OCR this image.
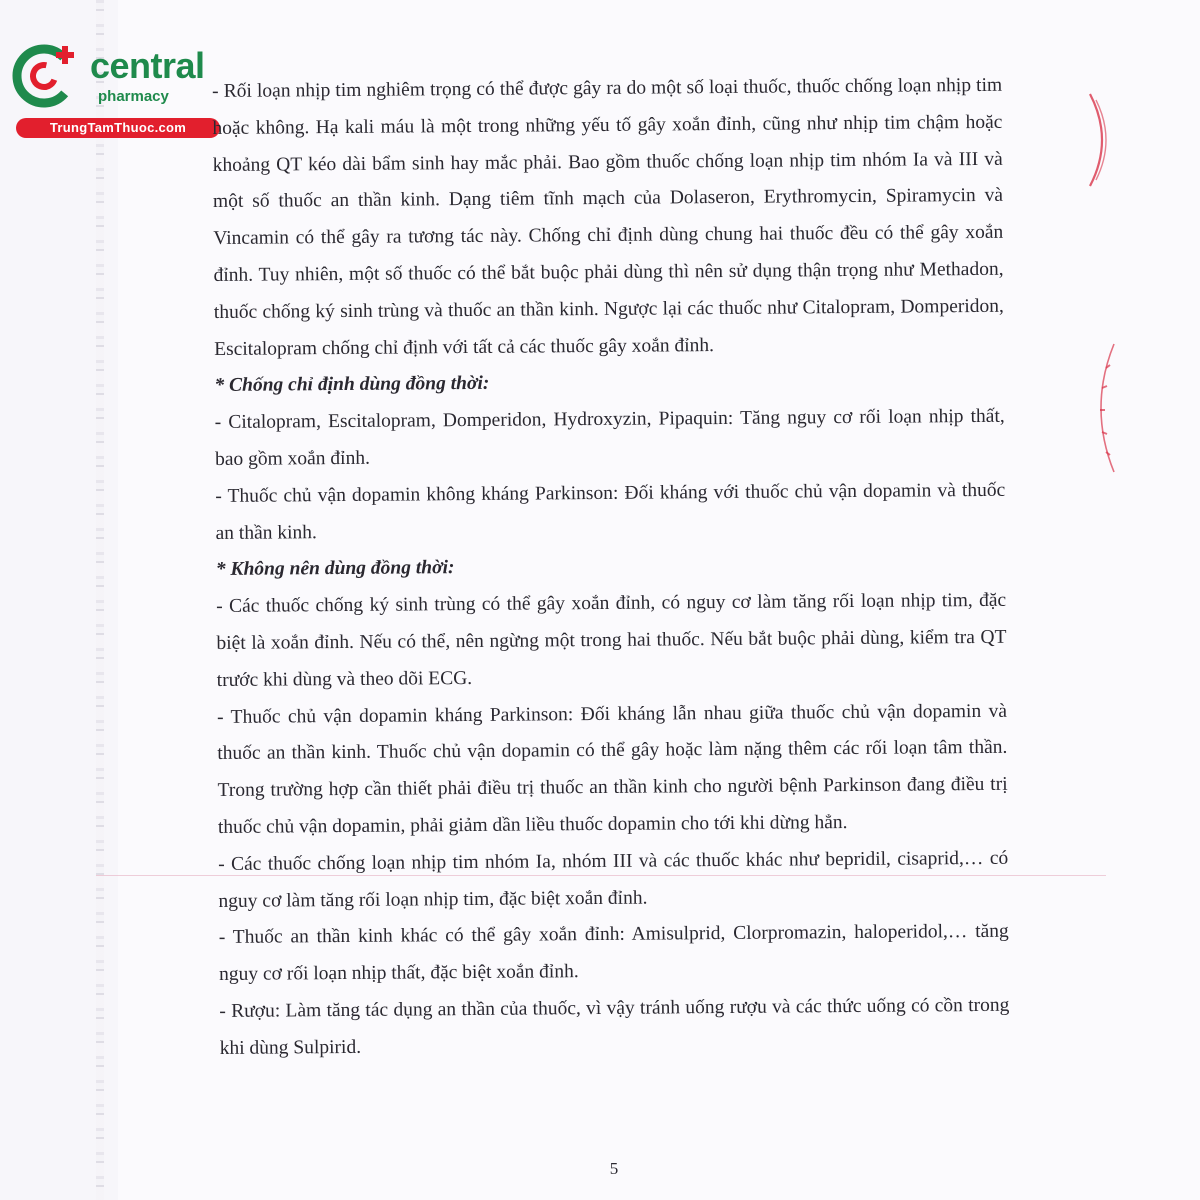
central
pharmacy
TrungTamThuoc.com

- Rối loạn nhịp tim nghiêm trọng có thể được gây ra do một số loại thuốc, thuốc chống loạn nhịp tim hoặc không. Hạ kali máu là một trong những yếu tố gây xoắn đỉnh, cũng như nhịp tim chậm hoặc khoảng QT kéo dài bẩm sinh hay mắc phải. Bao gồm thuốc chống loạn nhịp tim nhóm Ia và III và một số thuốc an thần kinh. Dạng tiêm tĩnh mạch của Dolaseron, Erythromycin, Spiramycin và Vincamin có thể gây ra tương tác này. Chống chỉ định dùng chung hai thuốc đều có thể gây xoắn đỉnh. Tuy nhiên, một số thuốc có thể bắt buộc phải dùng thì nên sử dụng thận trọng như Methadon, thuốc chống ký sinh trùng và thuốc an thần kinh. Ngược lại các thuốc như Citalopram, Domperidon, Escitalopram chống chỉ định với tất cả các thuốc gây xoắn đỉnh.

* Chống chỉ định dùng đồng thời:

- Citalopram, Escitalopram, Domperidon, Hydroxyzin, Pipaquin: Tăng nguy cơ rối loạn nhịp thất, bao gồm xoắn đỉnh.

- Thuốc chủ vận dopamin không kháng Parkinson: Đối kháng với thuốc chủ vận dopamin và thuốc an thần kinh.

* Không nên dùng đồng thời:

- Các thuốc chống ký sinh trùng có thể gây xoắn đỉnh, có nguy cơ làm tăng rối loạn nhịp tim, đặc biệt là xoắn đỉnh. Nếu có thể, nên ngừng một trong hai thuốc. Nếu bắt buộc phải dùng, kiểm tra QT trước khi dùng và theo dõi ECG.

- Thuốc chủ vận dopamin kháng Parkinson: Đối kháng lẫn nhau giữa thuốc chủ vận dopamin và thuốc an thần kinh. Thuốc chủ vận dopamin có thể gây hoặc làm nặng thêm các rối loạn tâm thần. Trong trường hợp cần thiết phải điều trị thuốc an thần kinh cho người bệnh Parkinson đang điều trị thuốc chủ vận dopamin, phải giảm dần liều thuốc dopamin cho tới khi dừng hẳn.

- Các thuốc chống loạn nhịp tim nhóm Ia, nhóm III và các thuốc khác như bepridil, cisaprid,… có nguy cơ làm tăng rối loạn nhịp tim, đặc biệt xoắn đỉnh.

- Thuốc an thần kinh khác có thể gây xoắn đỉnh: Amisulprid, Clorpromazin, haloperidol,… tăng nguy cơ rối loạn nhịp thất, đặc biệt xoắn đỉnh.

- Rượu: Làm tăng tác dụng an thần của thuốc, vì vậy tránh uống rượu và các thức uống có cồn trong khi dùng Sulpirid.

5
